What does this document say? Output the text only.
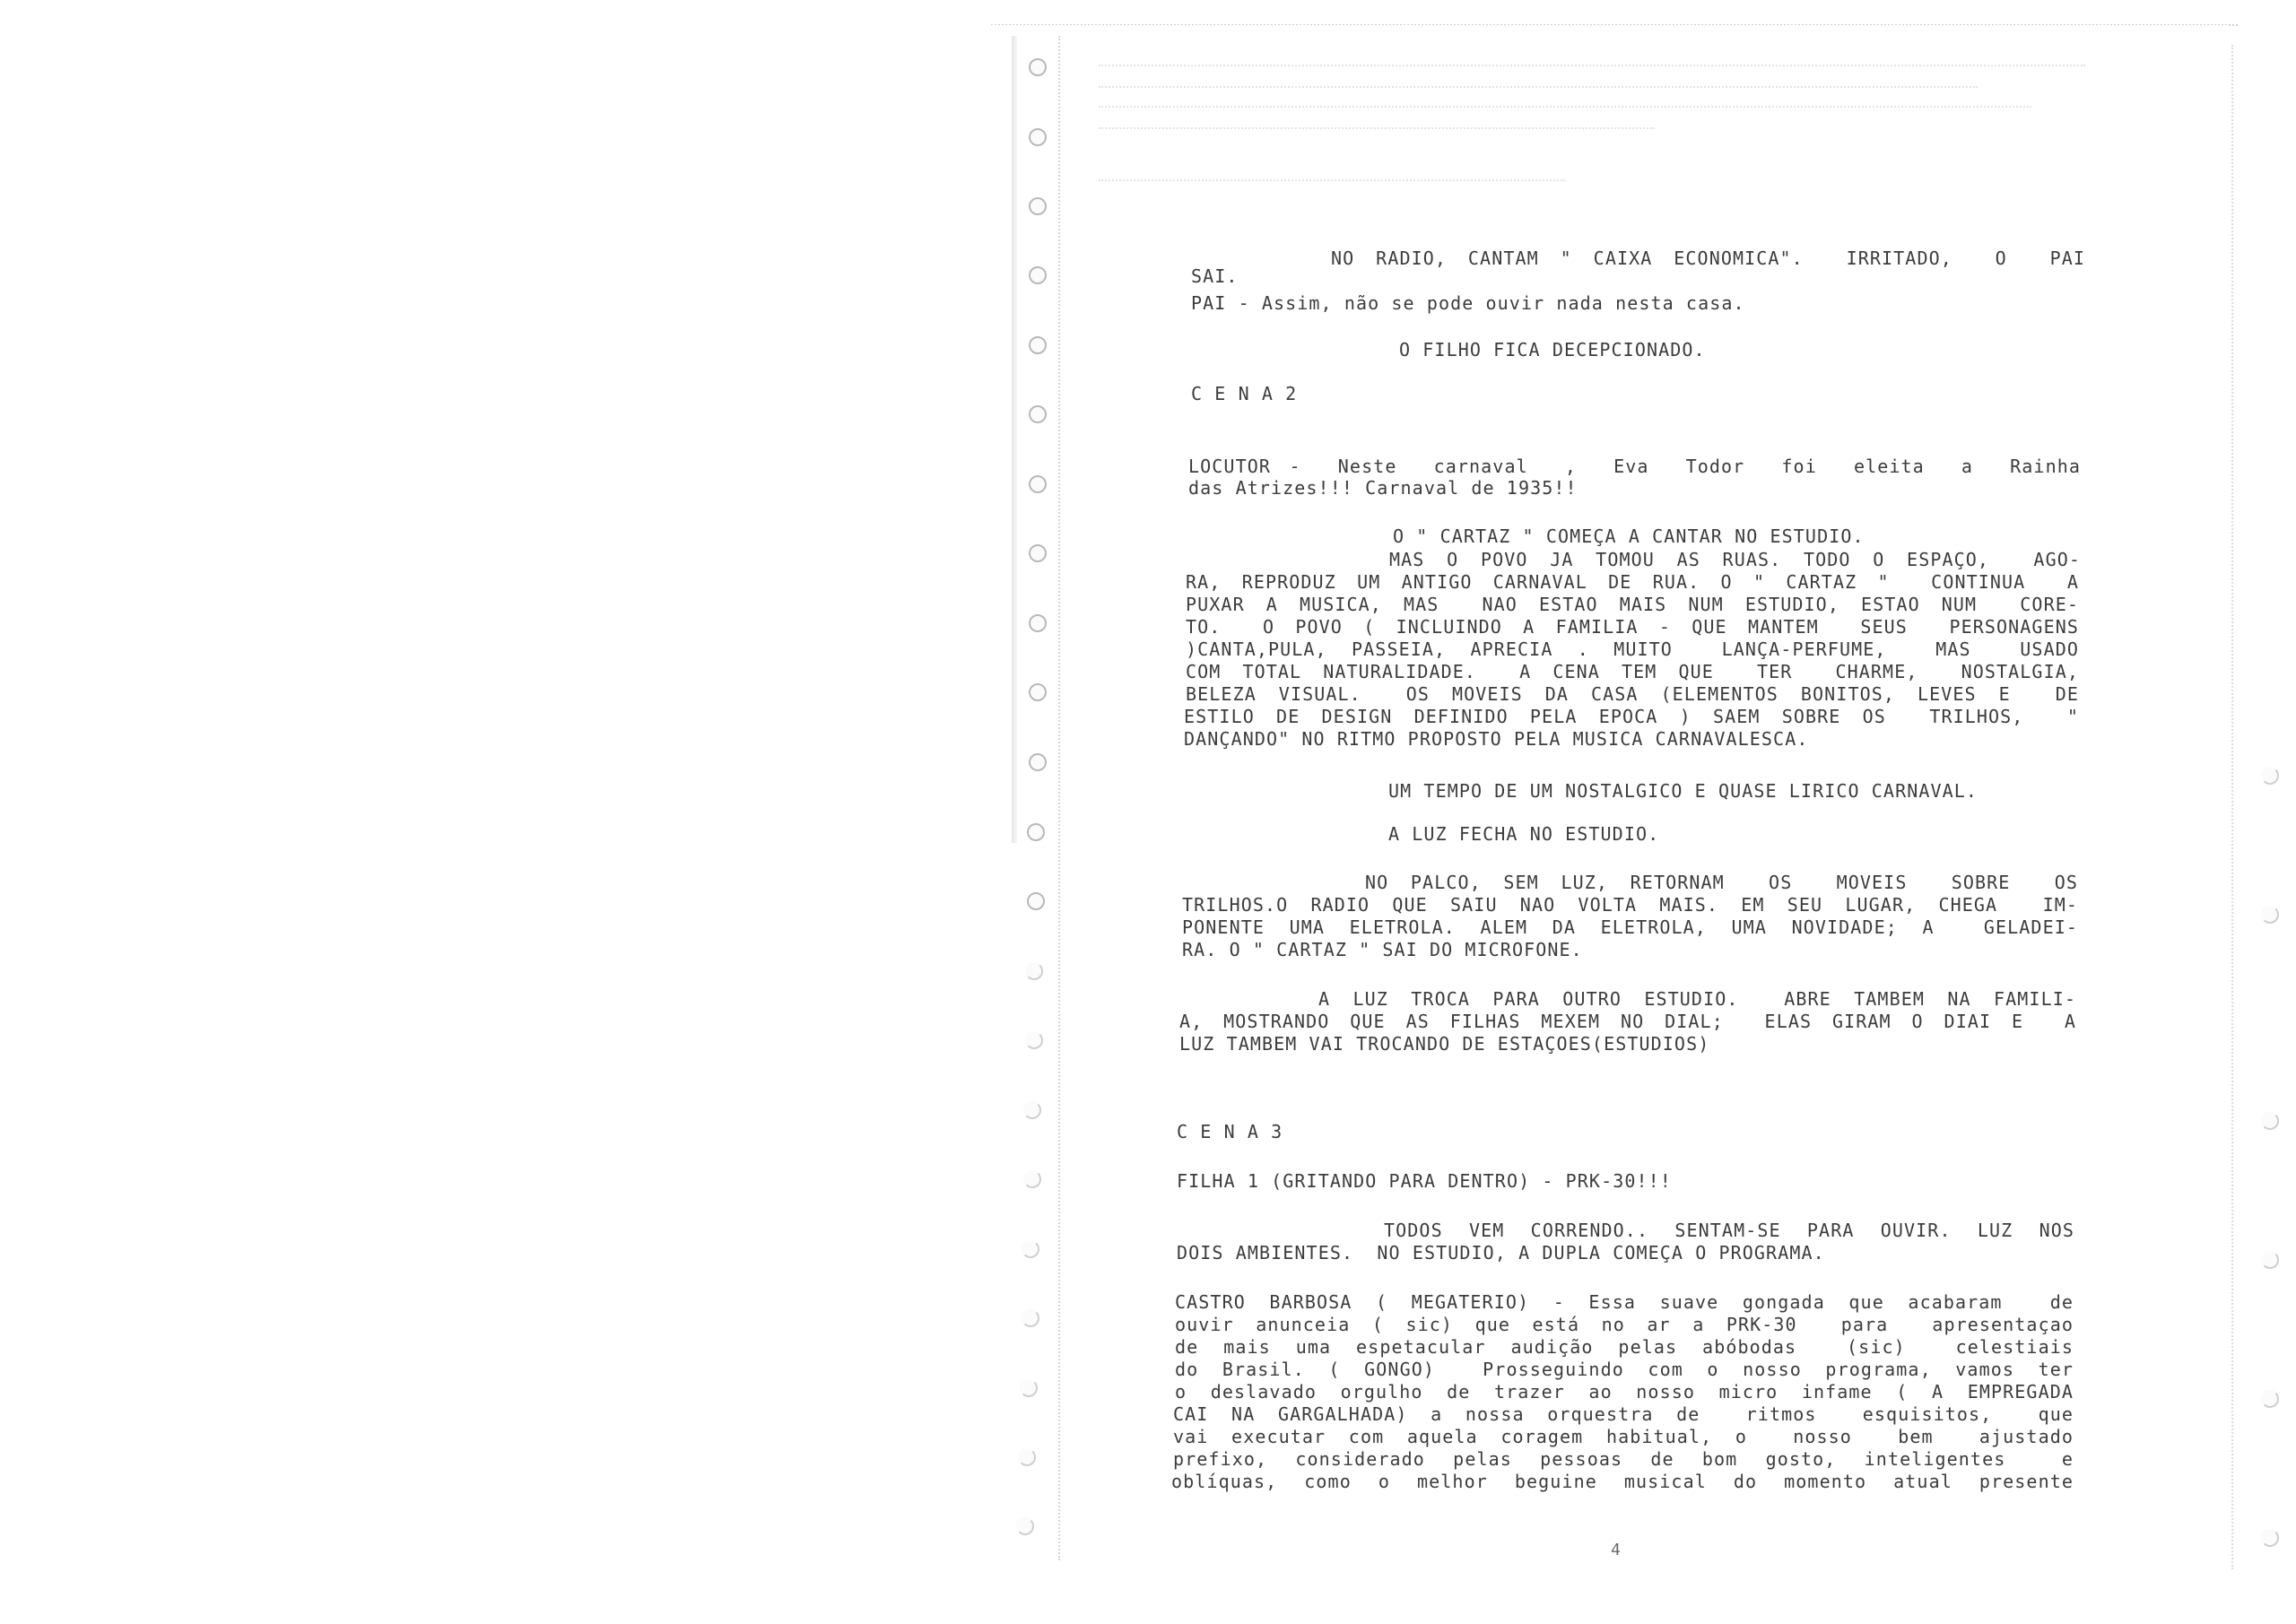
NO RADIO, CANTAM " CAIXA ECONOMICA".  IRRITADO,  O  PAI
SAI.
PAI - Assim, não se pode ouvir nada nesta casa.
O FILHO FICA DECEPCIONADO.
C E N A 2
LOCUTOR -  Neste  carnaval  ,  Eva  Todor  foi  eleita  a  Rainha
das Atrizes!!! Carnaval de 1935!!
O " CARTAZ " COMEÇA A CANTAR NO ESTUDIO.
MAS O POVO JA TOMOU AS RUAS. TODO O ESPAÇO,  AGO-
RA, REPRODUZ UM ANTIGO CARNAVAL DE RUA. O " CARTAZ "  CONTINUA  A
PUXAR A MUSICA, MAS  NAO ESTAO MAIS NUM ESTUDIO, ESTAO NUM  CORE-
TO.  O POVO ( INCLUINDO A FAMILIA - QUE MANTEM  SEUS  PERSONAGENS
)CANTA,PULA, PASSEIA, APRECIA . MUITO  LANÇA-PERFUME,  MAS  USADO
COM TOTAL NATURALIDADE.  A CENA TEM QUE  TER  CHARME,  NOSTALGIA,
BELEZA VISUAL.  OS MOVEIS DA CASA (ELEMENTOS BONITOS, LEVES E  DE
ESTILO DE DESIGN DEFINIDO PELA EPOCA ) SAEM SOBRE OS  TRILHOS,  "
DANÇANDO" NO RITMO PROPOSTO PELA MUSICA CARNAVALESCA.
UM TEMPO DE UM NOSTALGICO E QUASE LIRICO CARNAVAL.
A LUZ FECHA NO ESTUDIO.
NO PALCO, SEM LUZ, RETORNAM  OS  MOVEIS  SOBRE  OS
TRILHOS.O RADIO QUE SAIU NAO VOLTA MAIS. EM SEU LUGAR, CHEGA  IM-
PONENTE UMA ELETROLA. ALEM DA ELETROLA, UMA NOVIDADE; A  GELADEI-
RA. O " CARTAZ " SAI DO MICROFONE.
A LUZ TROCA PARA OUTRO ESTUDIO.  ABRE TAMBEM NA FAMILI-
A, MOSTRANDO QUE AS FILHAS MEXEM NO DIAL;  ELAS GIRAM O DIAI E  A
LUZ TAMBEM VAI TROCANDO DE ESTAÇOES(ESTUDIOS)
C E N A 3
FILHA 1 (GRITANDO PARA DENTRO) - PRK-30!!!
TODOS VEM CORRENDO.. SENTAM-SE PARA OUVIR. LUZ NOS
DOIS AMBIENTES.  NO ESTUDIO, A DUPLA COMEÇA O PROGRAMA.
CASTRO BARBOSA ( MEGATERIO) - Essa suave gongada que acabaram  de
ouvir anunceia ( sic) que está no ar a PRK-30  para  apresentaçao
de mais uma espetacular audição pelas abóbodas  (sic)  celestiais
do Brasil. ( GONGO)  Prosseguindo com o nosso programa, vamos ter
o deslavado orgulho de trazer ao nosso micro infame ( A EMPREGADA
CAI NA GARGALHADA) a nossa orquestra de  ritmos  esquisitos,  que
vai executar com aquela coragem habitual, o  nosso  bem  ajustado
prefixo, considerado pelas pessoas de bom gosto, inteligentes  e
oblíquas, como o melhor beguine musical do momento atual presente
4
